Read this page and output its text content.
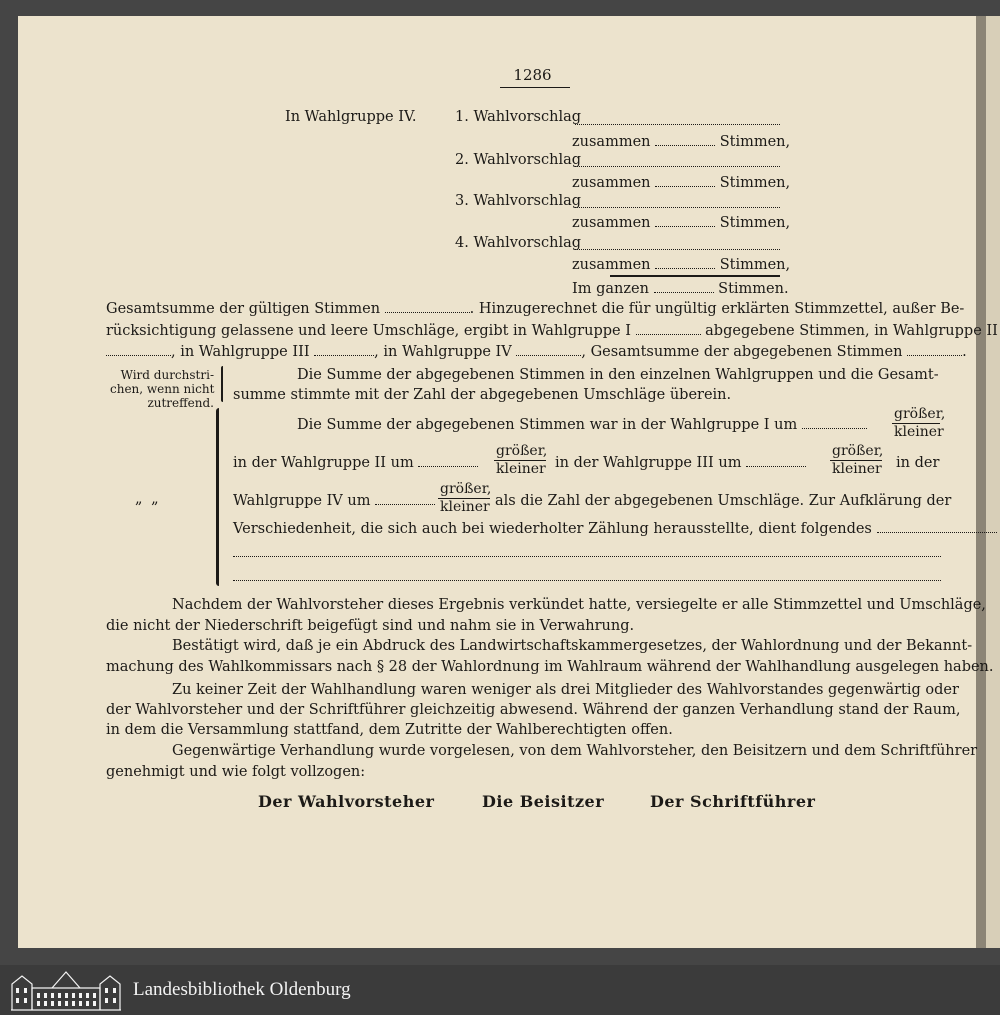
1286
In Wahlgruppe IV.	1. Wahlvorschlag
zusammen	Stimmen,
2. Wahlvorschlag
zusammen	Stimmen,
3. Wahlvorschlag
zusammen	Stimmen,
4. Wahlvorschlag
zusammen	Stimmen,
Im ganzen	Stimmen.
Gesamtsumme der gültigen Stimmen	. Hinzugerechnet die für ungültig erklärten Stimmzettel, außer Be-
rücksichtigung gelassene und leere Umschläge, ergibt in Wahlgruppe I	abgegebene Stimmen, in Wahlgruppe II
, in Wahlgruppe III	, in Wahlgruppe IV	, Gesamtsumme der abgegebenen Stimmen	.
Wird durchstri-
chen, wenn nicht
zutreffend.
Die Summe der abgegebenen Stimmen in den einzelnen Wahlgruppen und die Gesamt-
summe stimmte mit der Zahl der abgegebenen Umschläge überein.
„ „
Die Summe der abgegebenen Stimmen war in der Wahlgruppe I um
größer,
kleiner
in der Wahlgruppe II um
größer,
kleiner in der Wahlgruppe III um
größer,
kleiner in der
Wahlgruppe IV um
größer,
kleiner als die Zahl der abgegebenen Umschläge. Zur Aufklärung der
Verschiedenheit, die sich auch bei wiederholter Zählung herausstellte, dient folgendes
Nachdem der Wahlvorsteher dieses Ergebnis verkündet hatte, versiegelte er alle Stimmzettel und Umschläge,
die nicht der Niederschrift beigefügt sind und nahm sie in Verwahrung.
Bestätigt wird, daß je ein Abdruck des Landwirtschaftskammergesetzes, der Wahlordnung und der Bekannt-
machung des Wahlkommissars nach § 28 der Wahlordnung im Wahlraum während der Wahlhandlung ausgelegen haben.
Zu keiner Zeit der Wahlhandlung waren weniger als drei Mitglieder des Wahlvorstandes gegenwärtig oder
der Wahlvorsteher und der Schriftführer gleichzeitig abwesend. Während der ganzen Verhandlung stand der Raum,
in dem die Versammlung stattfand, dem Zutritte der Wahlberechtigten offen.
Gegenwärtige Verhandlung wurde vorgelesen, von dem Wahlvorsteher, den Beisitzern und dem Schriftführer
genehmigt und wie folgt vollzogen:
Der Wahlvorsteher	Die Beisitzer	Der Schriftführer
Landesbibliothek Oldenburg
